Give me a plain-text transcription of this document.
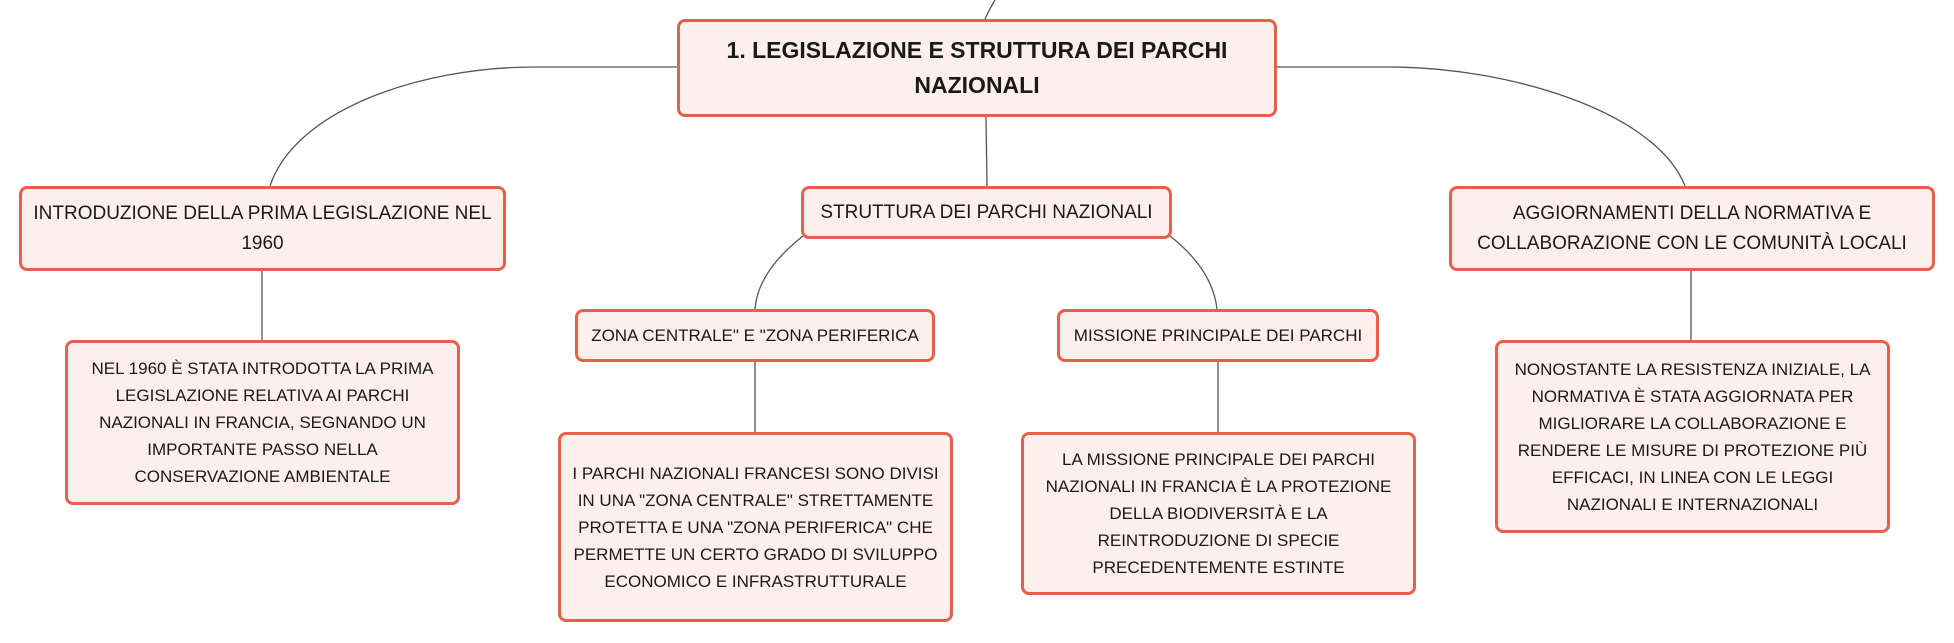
1. LEGISLAZIONE E STRUTTURA DEI PARCHI NAZIONALI
INTRODUZIONE DELLA PRIMA LEGISLAZIONE NEL 1960
STRUTTURA DEI PARCHI NAZIONALI	AGGIORNAMENTI DELLA NORMATIVA E COLLABORAZIONE CON LE COMUNITÀ LOCALI
ZONA CENTRALE" E "ZONA PERIFERICA	MISSIONE PRINCIPALE DEI PARCHI
NEL 1960 È STATA INTRODOTTA LA PRIMA LEGISLAZIONE RELATIVA AI PARCHI NAZIONALI IN FRANCIA, SEGNANDO UN IMPORTANTE PASSO NELLA CONSERVAZIONE AMBIENTALE	I PARCHI NAZIONALI FRANCESI SONO DIVISI IN UNA "ZONA CENTRALE" STRETTAMENTE PROTETTA E UNA "ZONA PERIFERICA" CHE PERMETTE UN CERTO GRADO DI SVILUPPO ECONOMICO E INFRASTRUTTURALE
LA MISSIONE PRINCIPALE DEI PARCHI NAZIONALI IN FRANCIA È LA PROTEZIONE DELLA BIODIVERSITÀ E LA REINTRODUZIONE DI SPECIE PRECEDENTEMENTE ESTINTE
NONOSTANTE LA RESISTENZA INIZIALE, LA NORMATIVA È STATA AGGIORNATA PER MIGLIORARE LA COLLABORAZIONE E RENDERE LE MISURE DI PROTEZIONE PIÙ EFFICACI, IN LINEA CON LE LEGGI NAZIONALI E INTERNAZIONALI
